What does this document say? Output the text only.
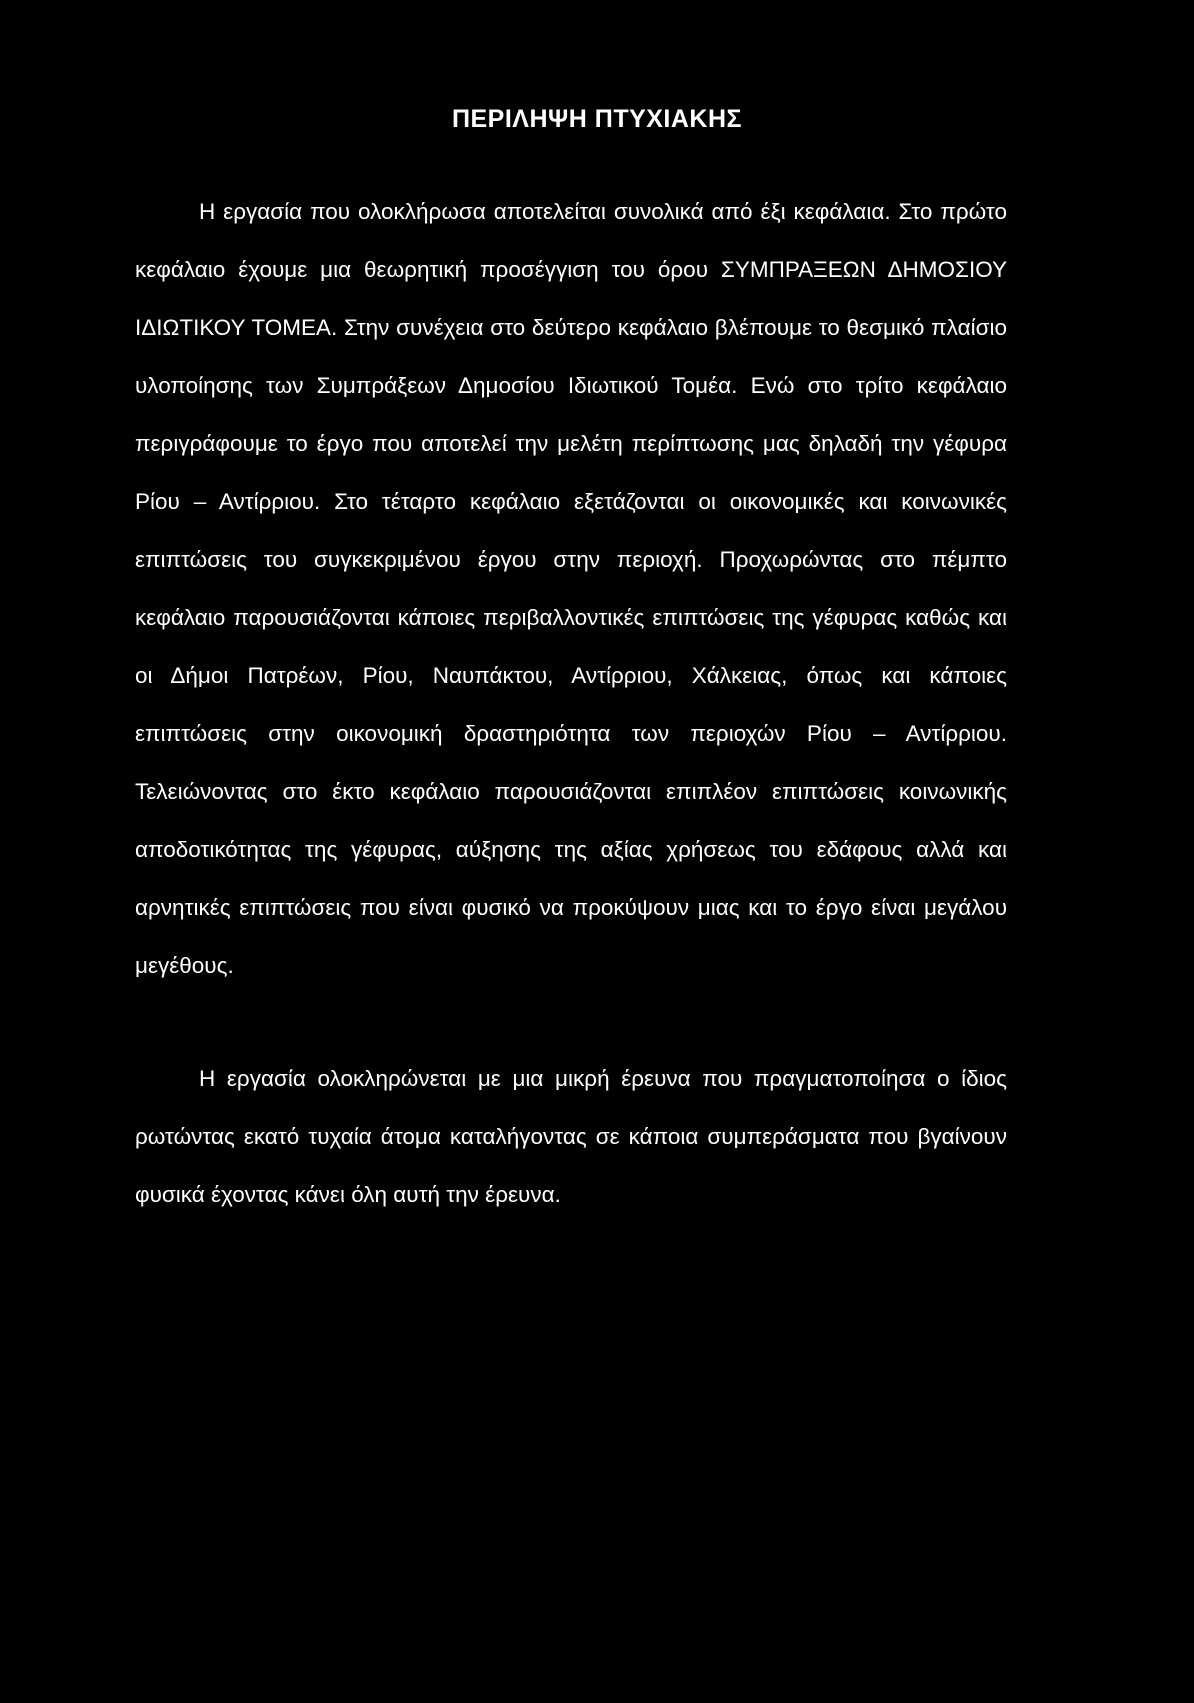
ΠΕΡΙΛΗΨΗ ΠΤΥΧΙΑΚΗΣ

Η εργασία που ολοκλήρωσα αποτελείται συνολικά από έξι κεφάλαια. Στο πρώτο κεφάλαιο έχουμε μια θεωρητική προσέγγιση του όρου ΣΥΜΠΡΑΞΕΩΝ ΔΗΜΟΣΙΟΥ ΙΔΙΩΤΙΚΟΥ ΤΟΜΕΑ. Στην συνέχεια στο δεύτερο κεφάλαιο βλέπουμε το θεσμικό πλαίσιο υλοποίησης των Συμπράξεων Δημοσίου Ιδιωτικού Τομέα. Ενώ στο τρίτο κεφάλαιο περιγράφουμε το έργο που αποτελεί την μελέτη περίπτωσης μας δηλαδή την γέφυρα Ρίου – Αντίρριου. Στο τέταρτο κεφάλαιο εξετάζονται οι οικονομικές και κοινωνικές επιπτώσεις του συγκεκριμένου έργου στην περιοχή. Προχωρώντας στο πέμπτο κεφάλαιο παρουσιάζονται κάποιες περιβαλλοντικές επιπτώσεις της γέφυρας καθώς και οι Δήμοι Πατρέων, Ρίου, Ναυπάκτου, Αντίρριου, Χάλκειας, όπως και κάποιες επιπτώσεις στην οικονομική δραστηριότητα των περιοχών Ρίου – Αντίρριου. Τελειώνοντας στο έκτο κεφάλαιο παρουσιάζονται επιπλέον επιπτώσεις κοινωνικής αποδοτικότητας της γέφυρας, αύξησης της αξίας χρήσεως του εδάφους αλλά και αρνητικές επιπτώσεις που είναι φυσικό να προκύψουν μιας και το έργο είναι μεγάλου μεγέθους.

Η εργασία ολοκληρώνεται με μια μικρή έρευνα που πραγματοποίησα ο ίδιος ρωτώντας εκατό τυχαία άτομα καταλήγοντας σε κάποια συμπεράσματα που βγαίνουν φυσικά έχοντας κάνει όλη αυτή την έρευνα.
